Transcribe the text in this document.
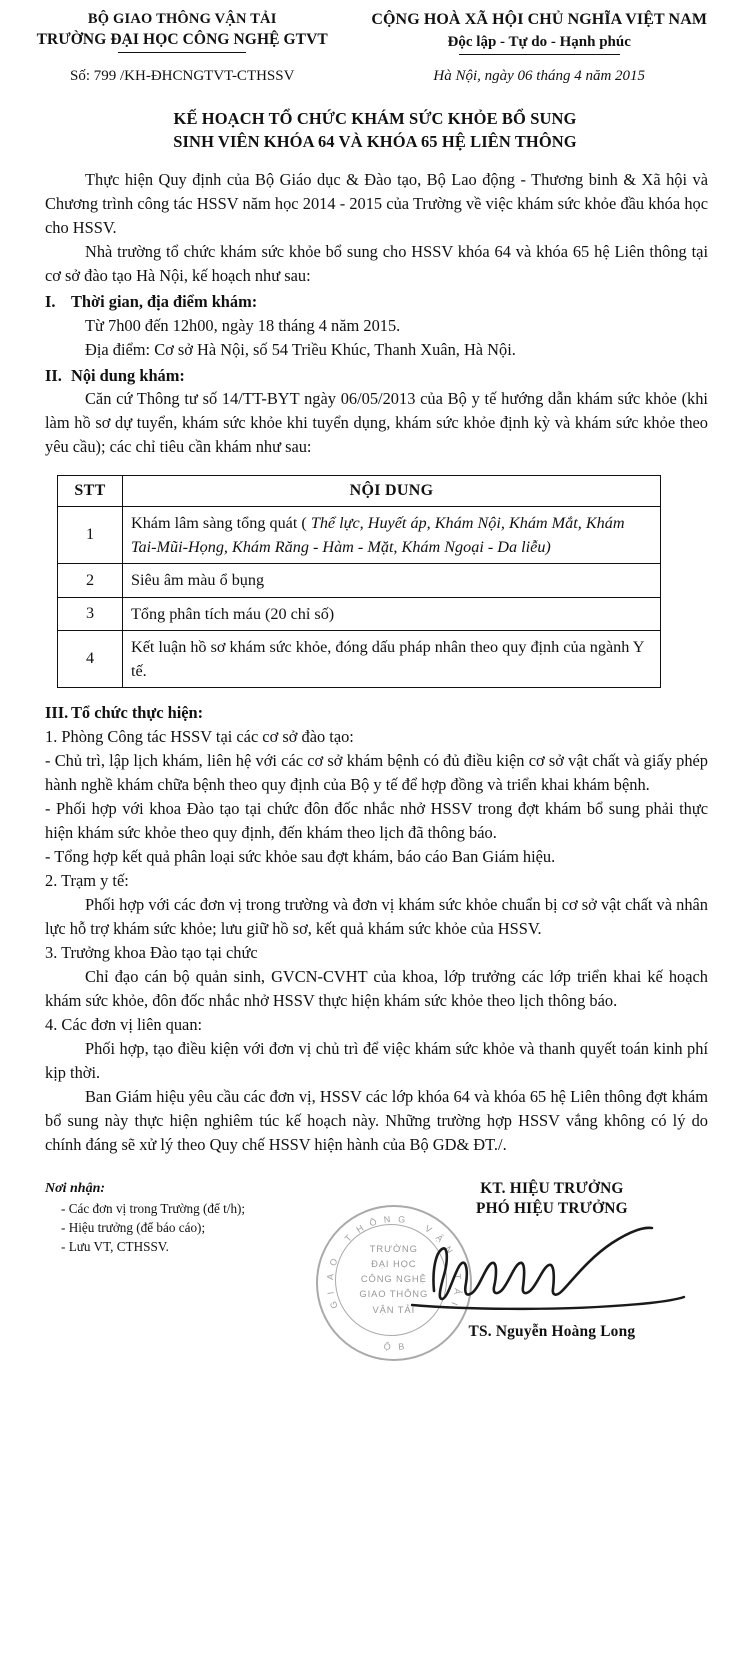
BỘ GIAO THÔNG VẬN TẢI
TRƯỜNG ĐẠI HỌC CÔNG NGHỆ GTVT
CỘNG HOÀ XÃ HỘI CHỦ NGHĨA VIỆT NAM
Độc lập - Tự do - Hạnh phúc
Số: 799 /KH-ĐHCNGTVT-CTHSSV	Hà Nội, ngày 06 tháng 4 năm 2015
KẾ HOẠCH TỔ CHỨC KHÁM SỨC KHỎE BỔ SUNG
SINH VIÊN KHÓA 64 VÀ KHÓA 65 HỆ LIÊN THÔNG

Thực hiện Quy định của Bộ Giáo dục & Đào tạo, Bộ Lao động - Thương binh & Xã hội và Chương trình công tác HSSV năm học 2014 - 2015 của Trường về việc khám sức khỏe đầu khóa học cho HSSV.

Nhà trường tổ chức khám sức khỏe bổ sung cho HSSV khóa 64 và khóa 65 hệ Liên thông tại cơ sở đào tạo Hà Nội, kế hoạch như sau:

I. Thời gian, địa điểm khám:

Từ 7h00 đến 12h00, ngày 18 tháng 4 năm 2015.

Địa điểm: Cơ sở Hà Nội, số 54 Triều Khúc, Thanh Xuân, Hà Nội.

II. Nội dung khám:

Căn cứ Thông tư số 14/TT-BYT ngày 06/05/2013 của Bộ y tế hướng dẫn khám sức khỏe (khi làm hồ sơ dự tuyển, khám sức khỏe khi tuyển dụng, khám sức khỏe định kỳ và khám sức khỏe theo yêu cầu); các chỉ tiêu cần khám như sau:

STT	NỘI DUNG
1	Khám lâm sàng tổng quát ( Thể lực, Huyết áp, Khám Nội, Khám Mắt, Khám Tai-Mũi-Họng, Khám Răng - Hàm - Mặt, Khám Ngoại - Da liễu)
2	Siêu âm màu ổ bụng
3	Tổng phân tích máu (20 chỉ số)
4	Kết luận hồ sơ khám sức khỏe, đóng dấu pháp nhân theo quy định của ngành Y tế.

III. Tổ chức thực hiện:

1. Phòng Công tác HSSV tại các cơ sở đào tạo:

- Chủ trì, lập lịch khám, liên hệ với các cơ sở khám bệnh có đủ điều kiện cơ sở vật chất và giấy phép hành nghề khám chữa bệnh theo quy định của Bộ y tế để hợp đồng và triển khai khám bệnh.

- Phối hợp với khoa Đào tạo tại chức đôn đốc nhắc nhở HSSV trong đợt khám bổ sung phải thực hiện khám sức khỏe theo quy định, đến khám theo lịch đã thông báo.

- Tổng hợp kết quả phân loại sức khỏe sau đợt khám, báo cáo Ban Giám hiệu.

2. Trạm y tế:

Phối hợp với các đơn vị trong trường và đơn vị khám sức khỏe chuẩn bị cơ sở vật chất và nhân lực hỗ trợ khám sức khỏe; lưu giữ hồ sơ, kết quả khám sức khỏe của HSSV.

3. Trưởng khoa Đào tạo tại chức

Chỉ đạo cán bộ quản sinh, GVCN-CVHT của khoa, lớp trưởng các lớp triển khai kế hoạch khám sức khỏe, đôn đốc nhắc nhở HSSV thực hiện khám sức khỏe theo lịch thông báo.

4. Các đơn vị liên quan:

Phối hợp, tạo điều kiện với đơn vị chủ trì để việc khám sức khỏe và thanh quyết toán kinh phí kịp thời.

Ban Giám hiệu yêu cầu các đơn vị, HSSV các lớp khóa 64 và khóa 65 hệ Liên thông đợt khám bổ sung này thực hiện nghiêm túc kế hoạch này. Những trường hợp HSSV vắng không có lý do chính đáng sẽ xử lý theo Quy chế HSSV hiện hành của Bộ GD& ĐT./.

Nơi nhận:
- Các đơn vị trong Trường (để t/h);
- Hiệu trưởng (để báo cáo);
- Lưu VT, CTHSSV.
KT. HIỆU TRƯỞNG
PHÓ HIỆU TRƯỞNG
G
I
A
O
T
H
Ô N G
V
Ậ
N
T
Ả
I
B
Ộ
TRƯỜNG
ĐẠI HỌC
CÔNG NGHỆ
GIAO THÔNG
VẬN TẢI
TS. Nguyễn Hoàng Long
